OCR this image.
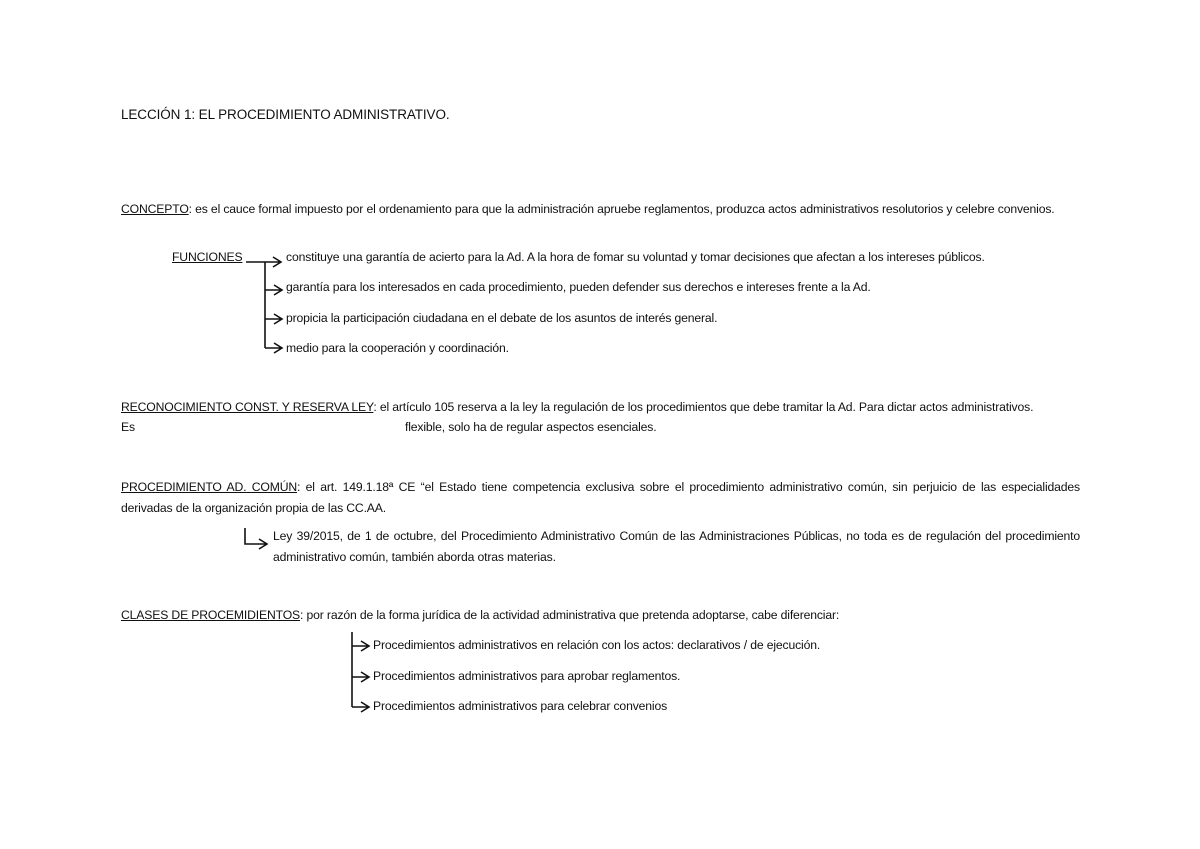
LECCIÓN 1: EL PROCEDIMIENTO ADMINISTRATIVO.
CONCEPTO: es el cauce formal impuesto por el ordenamiento para que la administración apruebe reglamentos, produzca actos administrativos resolutorios y celebre convenios.
FUNCIONES	constituye una garantía de acierto para la Ad. A la hora de fomar su voluntad y tomar decisiones que afectan a los intereses públicos.
garantía para los interesados en cada procedimiento, pueden defender sus derechos e intereses frente a la Ad.
propicia la participación ciudadana en el debate de los asuntos de interés general.
medio para la cooperación y coordinación.
RECONOCIMIENTO CONST. Y RESERVA LEY: el artículo 105 reserva a la ley la regulación de los procedimientos que debe tramitar la Ad. Para dictar actos administrativos.
Es	flexible, solo ha de regular aspectos esenciales.
PROCEDIMIENTO AD. COMÚN: el art. 149.1.18ª CE “el Estado tiene competencia exclusiva sobre el procedimiento administrativo común, sin perjuicio de las especialidades derivadas de la organización propia de las CC.AA.
Ley 39/2015, de 1 de octubre, del Procedimiento Administrativo Común de las Administraciones Públicas, no toda es de regulación del procedimiento administrativo común, también aborda otras materias.
CLASES DE PROCEMIDIENTOS: por razón de la forma jurídica de la actividad administrativa que pretenda adoptarse, cabe diferenciar:
Procedimientos administrativos en relación con los actos: declarativos / de ejecución.
Procedimientos administrativos para aprobar reglamentos.
Procedimientos administrativos para celebrar convenios
